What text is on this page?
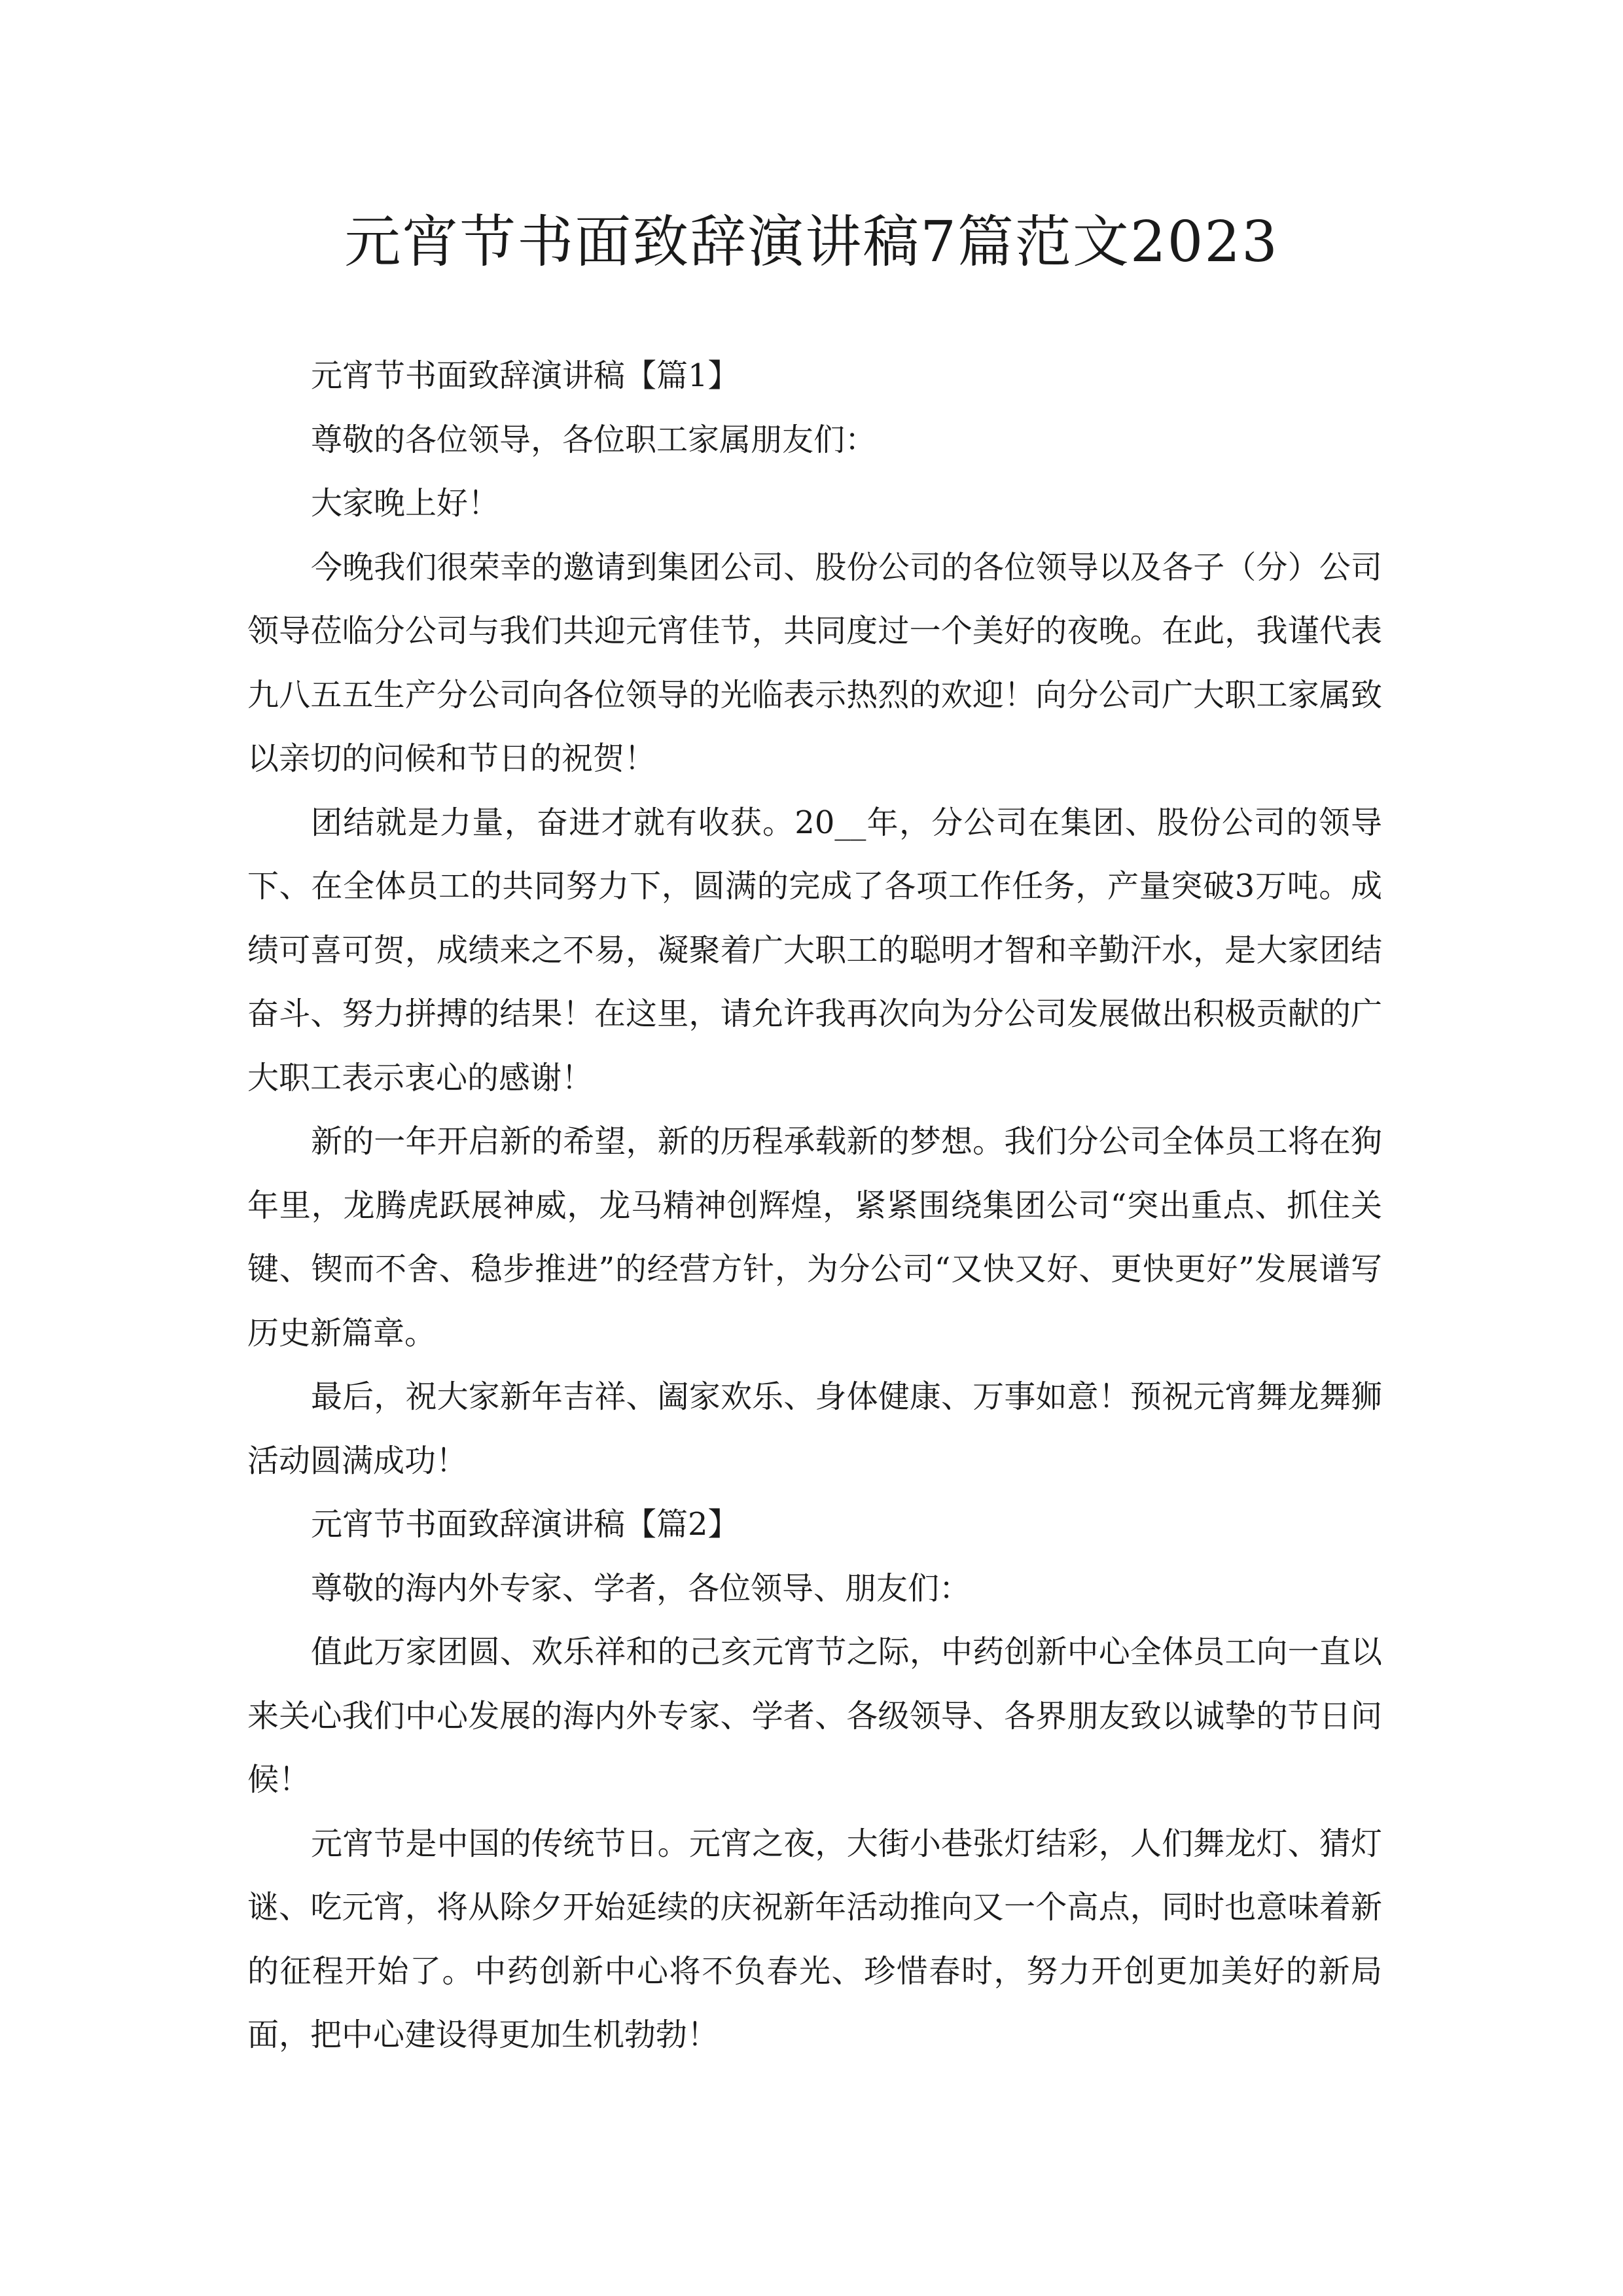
元宵节书面致辞演讲稿7篇范文2023

元宵节书面致辞演讲稿【篇1】

尊敬的各位领导，各位职工家属朋友们：

大家晚上好！

今晚我们很荣幸的邀请到集团公司、股份公司的各位领导以及各子（分）公司领导莅临分公司与我们共迎元宵佳节，共同度过一个美好的夜晚。在此，我谨代表九八五五生产分公司向各位领导的光临表示热烈的欢迎！向分公司广大职工家属致以亲切的问候和节日的祝贺！

团结就是力量，奋进才就有收获。20__年，分公司在集团、股份公司的领导下、在全体员工的共同努力下，圆满的完成了各项工作任务，产量突破3万吨。成绩可喜可贺，成绩来之不易，凝聚着广大职工的聪明才智和辛勤汗水，是大家团结奋斗、努力拼搏的结果！在这里，请允许我再次向为分公司发展做出积极贡献的广大职工表示衷心的感谢！

新的一年开启新的希望，新的历程承载新的梦想。我们分公司全体员工将在狗年里，龙腾虎跃展神威，龙马精神创辉煌，紧紧围绕集团公司“突出重点、抓住关键、锲而不舍、稳步推进”的经营方针，为分公司“又快又好、更快更好”发展谱写历史新篇章。

最后，祝大家新年吉祥、阖家欢乐、身体健康、万事如意！预祝元宵舞龙舞狮活动圆满成功！

元宵节书面致辞演讲稿【篇2】

尊敬的海内外专家、学者，各位领导、朋友们：

值此万家团圆、欢乐祥和的己亥元宵节之际，中药创新中心全体员工向一直以来关心我们中心发展的海内外专家、学者、各级领导、各界朋友致以诚挚的节日问候！

元宵节是中国的传统节日。元宵之夜，大街小巷张灯结彩，人们舞龙灯、猜灯谜、吃元宵，将从除夕开始延续的庆祝新年活动推向又一个高点，同时也意味着新的征程开始了。中药创新中心将不负春光、珍惜春时，努力开创更加美好的新局面，把中心建设得更加生机勃勃！
